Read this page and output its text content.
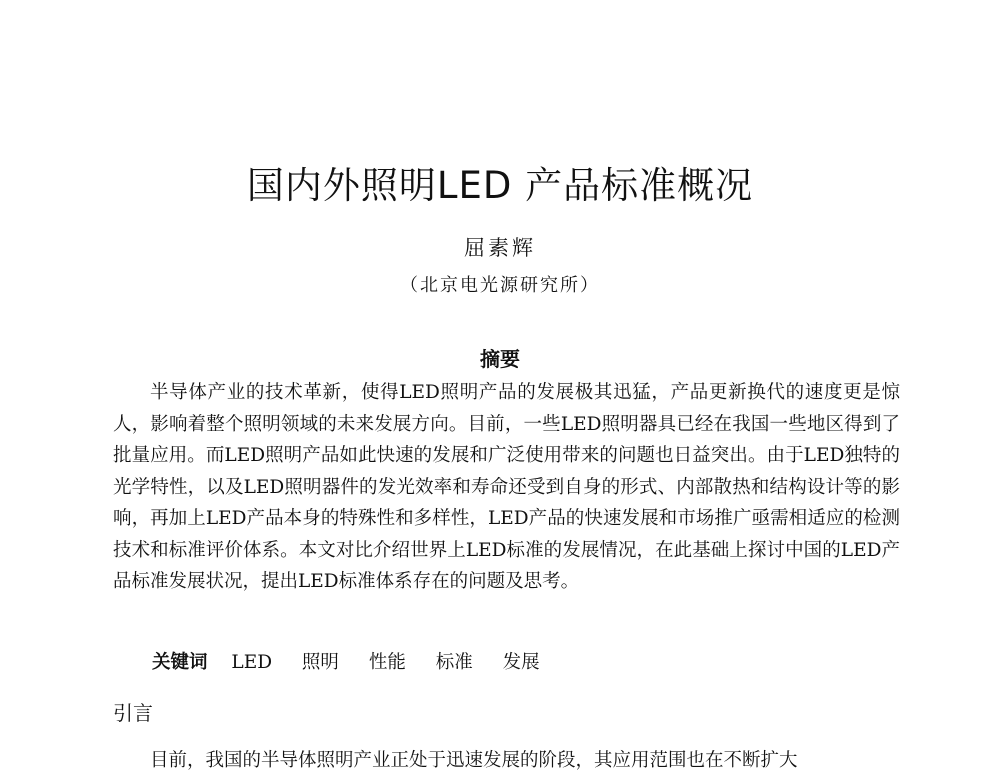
国内外照明LED 产品标准概况

屈素辉

（北京电光源研究所）

摘要

半导体产业的技术革新，使得LED照明产品的发展极其迅猛，产品更新换代的速度更是惊人，影响着整个照明领域的未来发展方向。目前，一些LED照明器具已经在我国一些地区得到了批量应用。而LED照明产品如此快速的发展和广泛使用带来的问题也日益突出。由于LED独特的光学特性，以及LED照明器件的发光效率和寿命还受到自身的形式、内部散热和结构设计等的影响，再加上LED产品本身的特殊性和多样性，LED产品的快速发展和市场推广亟需相适应的检测技术和标准评价体系。本文对比介绍世界上LED标准的发展情况，在此基础上探讨中国的LED产品标准发展状况，提出LED标准体系存在的问题及思考。

关键词 LED 照明 性能 标准 发展

引言

目前，我国的半导体照明产业正处于迅速发展的阶段，其应用范围也在不断扩大
